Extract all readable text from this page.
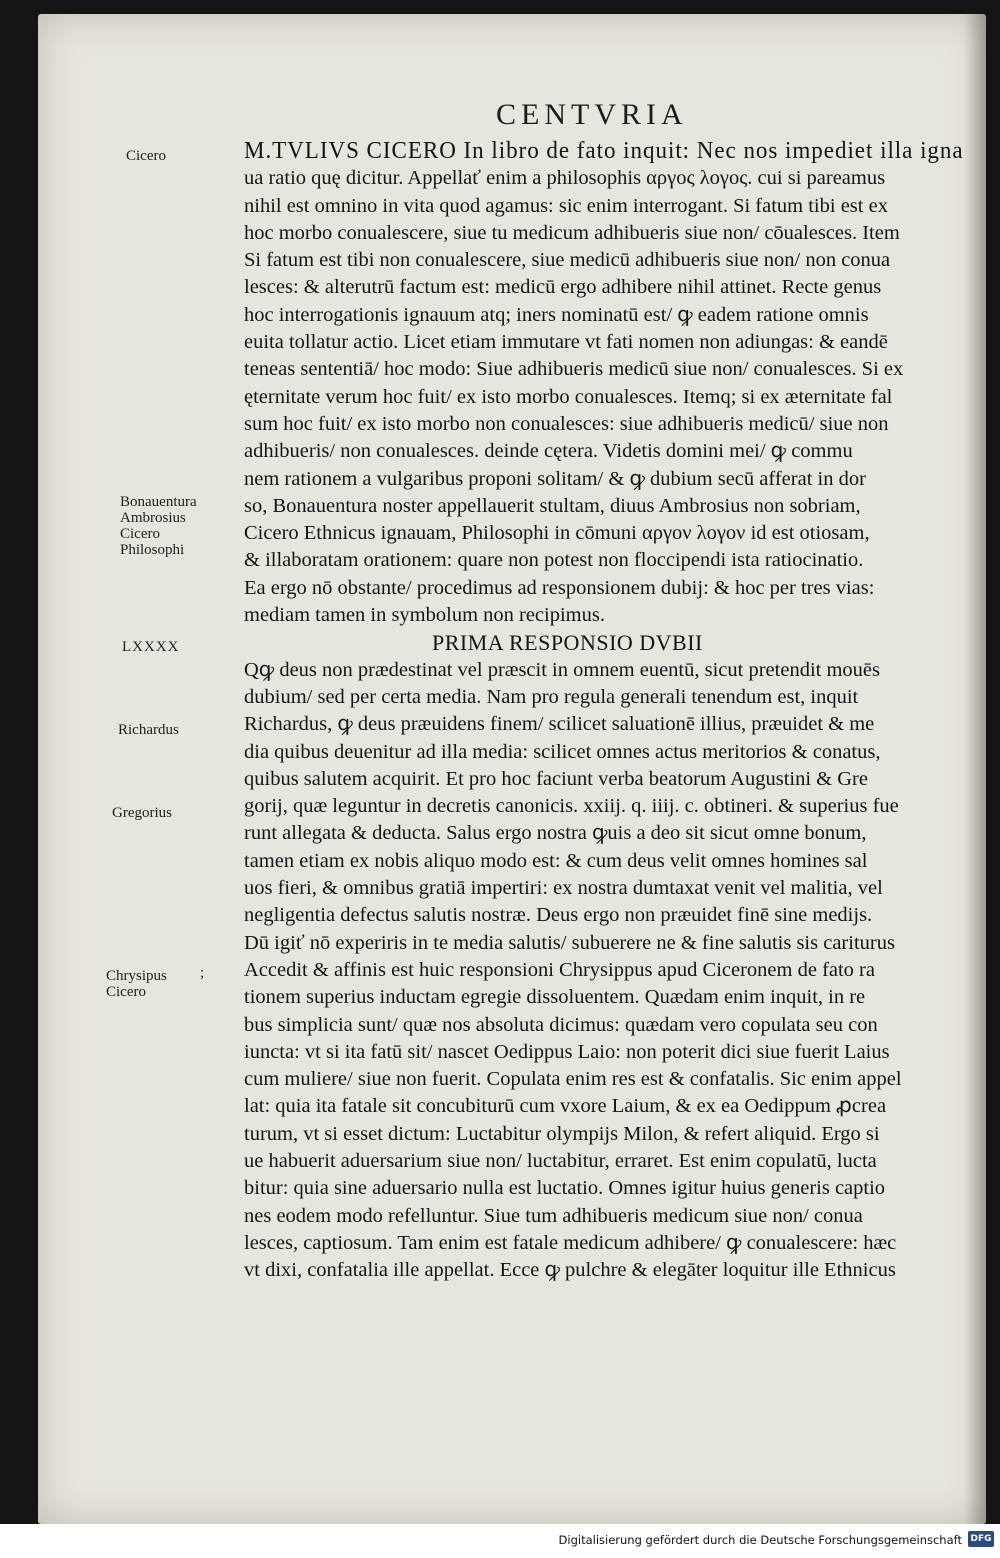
CENTVRIA
Cicero
Bonauentura
Ambrosius
Cicero
Philosophi
LXXXX
Richardus
Gregorius
Chrysipus
Cicero
;
M.TVLIVS CICERO In libro de fato inquit: Nec nos impediet illa igna
ua ratio quę dicitur. Appellať enim a philosophis αργος λογος. cui si pareamus
nihil est omnino in vita quod agamus: sic enim interrogant. Si fatum tibi est ex
hoc morbo conualescere, siue tu medicum adhibueris siue non/ cōualesces. Item
Si fatum est tibi non conualescere, siue medicū adhibueris siue non/ non conua
lesces: & alterutrū factum est: medicū ergo adhibere nihil attinet. Recte genus
hoc interrogationis ignauum atq; iners nominatū est/ ꝙ eadem ratione omnis
euita tollatur actio. Licet etiam immutare vt fati nomen non adiungas: & eandē
teneas sententiā/ hoc modo: Siue adhibueris medicū siue non/ conualesces. Si ex
ęternitate verum hoc fuit/ ex isto morbo conualesces. Itemq; si ex æternitate fal
sum hoc fuit/ ex isto morbo non conualesces: siue adhibueris medicū/ siue non
adhibueris/ non conualesces. deinde cętera. Videtis domini mei/ ꝙ commu
nem rationem a vulgaribus proponi solitam/ & ꝙ dubium secū afferat in dor
so, Bonauentura noster appellauerit stultam, diuus Ambrosius non sobriam,
Cicero Ethnicus ignauam, Philosophi in cōmuni αργον λογον id est otiosam,
& illaboratam orationem: quare non potest non floccipendi ista ratiocinatio.
Ea ergo nō obstante/ procedimus ad responsionem dubij: & hoc per tres vias:
mediam tamen in symbolum non recipimus.
PRIMA RESPONSIO DVBII
Qꝙ deus non prædestinat vel præscit in omnem euentū, sicut pretendit mouēs
dubium/ sed per certa media. Nam pro regula generali tenendum est, inquit
Richardus, ꝙ deus præuidens finem/ scilicet saluationē illius, præuidet & me
dia quibus deuenitur ad illa media: scilicet omnes actus meritorios & conatus,
quibus salutem acquirit. Et pro hoc faciunt verba beatorum Augustini & Gre
gorij, quæ leguntur in decretis canonicis. xxiij. q. iiij. c. obtineri. & superius fue
runt allegata & deducta. Salus ergo nostra ꝙuis a deo sit sicut omne bonum,
tamen etiam ex nobis aliquo modo est: & cum deus velit omnes homines sal
uos fieri, & omnibus gratiā impertiri: ex nostra dumtaxat venit vel malitia, vel
negligentia defectus salutis nostræ. Deus ergo non præuidet finē sine medijs.
Dū igiť nō experiris in te media salutis/ subuerere ne & fine salutis sis cariturus
Accedit & affinis est huic responsioni Chrysippus apud Ciceronem de fato ra
tionem superius inductam egregie dissoluentem. Quædam enim inquit, in re
bus simplicia sunt/ quæ nos absoluta dicimus: quædam vero copulata seu con
iuncta: vt si ita fatū sit/ nascet Oedippus Laio: non poterit dici siue fuerit Laius
cum muliere/ siue non fuerit. Copulata enim res est & confatalis. Sic enim appel
lat: quia ita fatale sit concubiturū cum vxore Laium, & ex ea Oedippum ꝓcrea
turum, vt si esset dictum: Luctabitur olympijs Milon, & refert aliquid. Ergo si
ue habuerit aduersarium siue non/ luctabitur, erraret. Est enim copulatū, lucta
bitur: quia sine aduersario nulla est luctatio. Omnes igitur huius generis captio
nes eodem modo refelluntur. Siue tum adhibueris medicum siue non/ conua
lesces, captiosum. Tam enim est fatale medicum adhibere/ ꝙ conualescere: hæc
vt dixi, confatalia ille appellat. Ecce ꝙ pulchre & elegāter loquitur ille Ethnicus
Digitalisierung gefördert durch die Deutsche Forschungsgemeinschaft DFG
